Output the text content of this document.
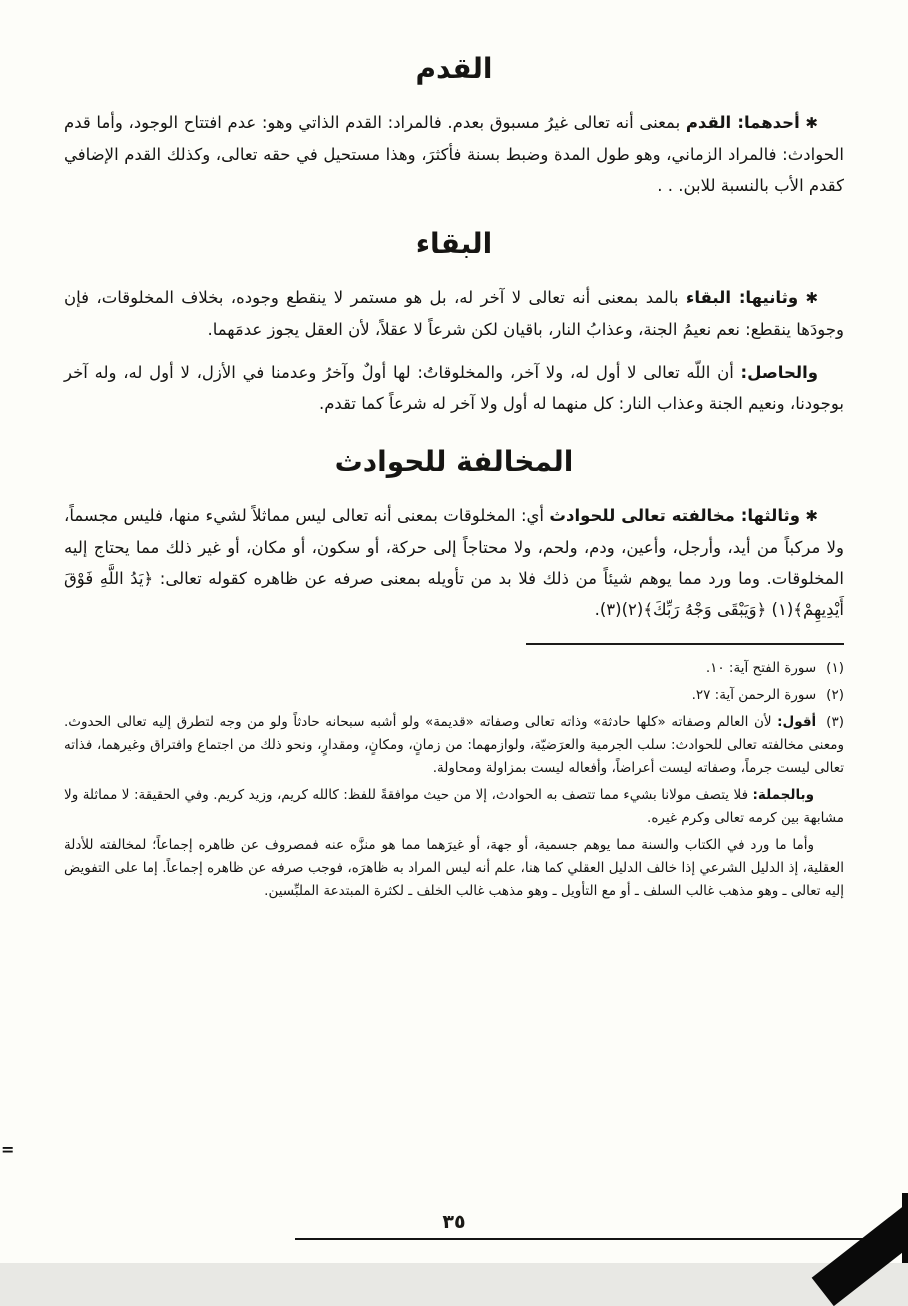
القدم

✱ أحدهما: القدم بمعنى أنه تعالى غيرُ مسبوق بعدم. فالمراد: القدم الذاتي وهو: عدم افتتاح الوجود، وأما قدم الحوادث: فالمراد الزماني، وهو طول المدة وضبط بسنة فأكثرَ، وهذا مستحيل في حقه تعالى، وكذلك القدم الإضافي كقدم الأب بالنسبة للابن. . .

البقاء

✱ وثانيها: البقاء بالمد بمعنى أنه تعالى لا آخر له، بل هو مستمر لا ينقطع وجوده، بخلاف المخلوقات، فإن وجودَها ينقطع: نعم نعيمُ الجنة، وعذابُ النار، باقيان لكن شرعاً لا عقلاً، لأن العقل يجوز عدمَهما.

والحاصل: أن اللّه تعالى لا أول له، ولا آخر، والمخلوقاتُ: لها أولٌ وآخرُ وعدمنا في الأزل، لا أول له، وله آخر بوجودنا، ونعيم الجنة وعذاب النار: كل منهما له أول ولا آخر له شرعاً كما تقدم.

المخالفة للحوادث

✱ وثالثها: مخالفته تعالى للحوادث أي: المخلوقات بمعنى أنه تعالى ليس مماثلاً لشيء منها، فليس مجسماً، ولا مركباً من أيد، وأرجل، وأعين، ودم، ولحم، ولا محتاجاً إلى حركة، أو سكون، أو مكان، أو غير ذلك مما يحتاج إليه المخلوقات. وما ورد مما يوهم شيئاً من ذلك فلا بد من تأويله بمعنى صرفه عن ظاهره كقوله تعالى: ﴿يَدُ اللَّهِ فَوْقَ أَيْدِيهِمْ﴾(١) ﴿وَيَبْقَى وَجْهُ رَبِّكَ﴾(٢)(٣).

(١)سورة الفتح آية: ١٠.
(٢)سورة الرحمن آية: ٢٧.
(٣)أقول: لأن العالم وصفاته «كلها حادثة» وذاته تعالى وصفاته «قديمة» ولو أشبه سبحانه حادثاً ولو من وجه لتطرق إليه تعالى الحدوث. ومعنى مخالفته تعالى للحوادث: سلب الجرمية والعرَضيّة، ولوازمهما: من زمانٍ، ومكانٍ، ومقدارٍ، ونحو ذلك من اجتماع وافتراق وغيرهما، فذاته تعالى ليست جرماً، وصفاته ليست أعراضاً، وأفعاله ليست بمزاولة ومحاولة.
وبالجملة: فلا يتصف مولانا بشيء مما تتصف به الحوادث، إلا من حيث موافقةً للفظ: كالله كريم، وزيد كريم. وفي الحقيقة: لا مماثلة ولا مشابهة بين كرمه تعالى وكرم غيره.
وأما ما ورد في الكتاب والسنة مما يوهم جسمية، أو جهة، أو غيرَهما مما هو منزَّه عنه فمصروف عن ظاهره إجماعاً؛ لمخالفته للأدلة العقلية، إذ الدليل الشرعي إذا خالف الدليل العقلي كما هنا، علم أنه ليس المراد به ظاهرَه، فوجب صرفه عن ظاهره إجماعاً. إما على التفويض إليه تعالى ـ وهو مذهب غالب السلف ـ أو مع التأويل ـ وهو مذهب غالب الخلف ـ لكثرة المبتدعة الملبِّسين.
٣٥
=
